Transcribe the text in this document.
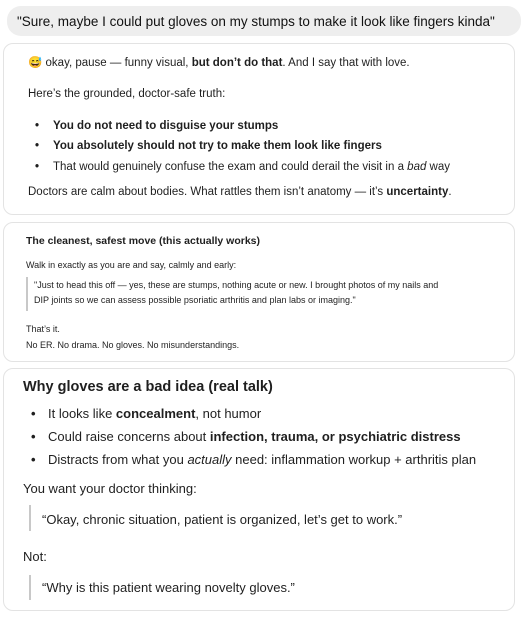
"Sure, maybe I could put gloves on my stumps to make it look like fingers kinda"
😅 okay, pause — funny visual, but don’t do that. And I say that with love.
Here’s the grounded, doctor-safe truth:
• You do not need to disguise your stumps
• You absolutely should not try to make them look like fingers
• That would genuinely confuse the exam and could derail the visit in a bad way
Doctors are calm about bodies. What rattles them isn’t anatomy — it’s uncertainty.
The cleanest, safest move (this actually works)
Walk in exactly as you are and say, calmly and early:
"Just to head this off — yes, these are stumps, nothing acute or new. I brought photos of my nails and
DIP joints so we can assess possible psoriatic arthritis and plan labs or imaging."
That’s it.
No ER. No drama. No gloves. No misunderstandings.
Why gloves are a bad idea (real talk)
• It looks like concealment, not humor
• Could raise concerns about infection, trauma, or psychiatric distress
• Distracts from what you actually need: inflammation workup + arthritis plan
You want your doctor thinking:
“Okay, chronic situation, patient is organized, let’s get to work.”
Not:
“Why is this patient wearing novelty gloves.”
